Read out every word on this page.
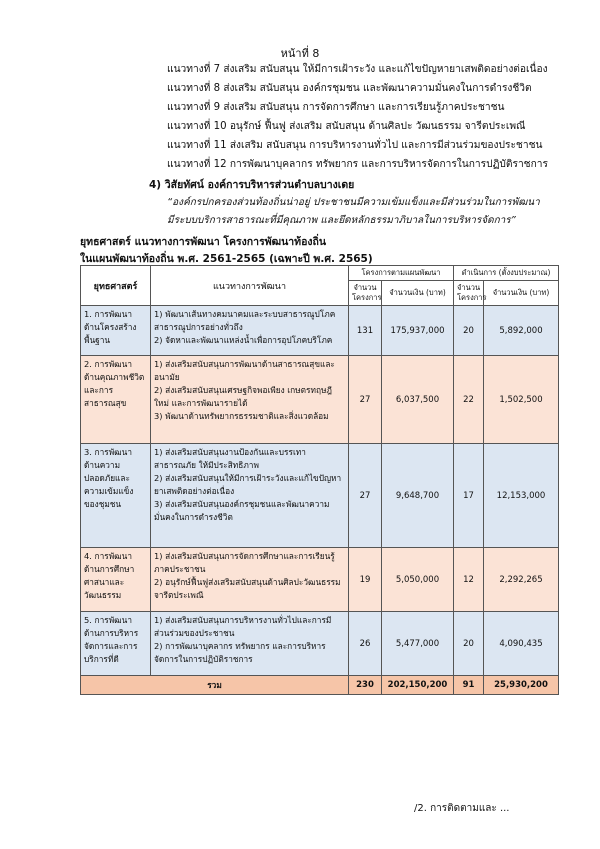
หน้าที่ 8
แนวทางที่ 7 ส่งเสริม สนับสนุน ให้มีการเฝ้าระวัง และแก้ไขปัญหายาเสพติดอย่างต่อเนื่อง
แนวทางที่ 8 ส่งเสริม สนับสนุน องค์กรชุมชน และพัฒนาความมั่นคงในการดำรงชีวิต
แนวทางที่ 9 ส่งเสริม สนับสนุน การจัดการศึกษา และการเรียนรู้ภาคประชาชน
แนวทางที่ 10 อนุรักษ์ ฟื้นฟู ส่งเสริม สนับสนุน ด้านศิลปะ วัฒนธรรม จารีตประเพณี
แนวทางที่ 11 ส่งเสริม สนับสนุน การบริหารงานทั่วไป และการมีส่วนร่วมของประชาชน
แนวทางที่ 12 การพัฒนาบุคลากร ทรัพยากร และการบริหารจัดการในการปฏิบัติราชการ
4) วิสัยทัศน์ องค์การบริหารส่วนตำบลบางเดย
“องค์กรปกครองส่วนท้องถิ่นน่าอยู่ ประชาชนมีความเข้มแข็งและมีส่วนร่วมในการพัฒนา
มีระบบบริการสาธารณะที่มีคุณภาพ และยึดหลักธรรมาภิบาลในการบริหารจัดการ”
ยุทธศาสตร์ แนวทางการพัฒนา โครงการพัฒนาท้องถิ่น
ในแผนพัฒนาท้องถิ่น พ.ศ. 2561-2565 (เฉพาะปี พ.ศ. 2565)
ยุทธศาสตร์	แนวทางการพัฒนา	โครงการตามแผนพัฒนา		ดำเนินการ (ตั้งงบประมาณ)	
		จำนวนโครงการ	จำนวนเงิน (บาท)	จำนวนโครงการ	จำนวนเงิน (บาท)
1. การพัฒนาด้านโครงสร้างพื้นฐาน	1) พัฒนาเส้นทางคมนาคมและระบบสาธารณูปโภคสาธารณูปการอย่างทั่วถึง
2) จัดหาและพัฒนาแหล่งน้ำเพื่อการอุปโภคบริโภค	131	175,937,000	20	5,892,000
2. การพัฒนาด้านคุณภาพชีวิตและการสาธารณสุข	1) ส่งเสริมสนับสนุนการพัฒนาด้านสาธารณสุขและอนามัย
2) ส่งเสริมสนับสนุนเศรษฐกิจพอเพียง เกษตรทฤษฎีใหม่ และการพัฒนารายได้
3) พัฒนาด้านทรัพยากรธรรมชาติและสิ่งแวดล้อม	27	6,037,500	22	1,502,500
3. การพัฒนาด้านความปลอดภัยและความเข้มแข็งของชุมชน	1) ส่งเสริมสนับสนุนงานป้องกันและบรรเทาสาธารณภัย ให้มีประสิทธิภาพ
2) ส่งเสริมสนับสนุนให้มีการเฝ้าระวังและแก้ไขปัญหายาเสพติดอย่างต่อเนื่อง
3) ส่งเสริมสนับสนุนองค์กรชุมชนและพัฒนาความมั่นคงในการดำรงชีวิต	27	9,648,700	17	12,153,000
4. การพัฒนาด้านการศึกษา ศาสนาและวัฒนธรรม	1) ส่งเสริมสนับสนุนการจัดการศึกษาและการเรียนรู้ภาคประชาชน
2) อนุรักษ์ฟื้นฟูส่งเสริมสนับสนุนด้านศิลปะวัฒนธรรมจารีตประเพณี	19	5,050,000	12	2,292,265
5. การพัฒนาด้านการบริหารจัดการและการบริการที่ดี	1) ส่งเสริมสนับสนุนการบริหารงานทั่วไปและการมีส่วนร่วมของประชาชน
2) การพัฒนาบุคลากร ทรัพยากร และการบริหารจัดการในการปฏิบัติราชการ	26	5,477,000	20	4,090,435
รวม		230	202,150,200	91	25,930,200
/2. การติดตามและ ...
